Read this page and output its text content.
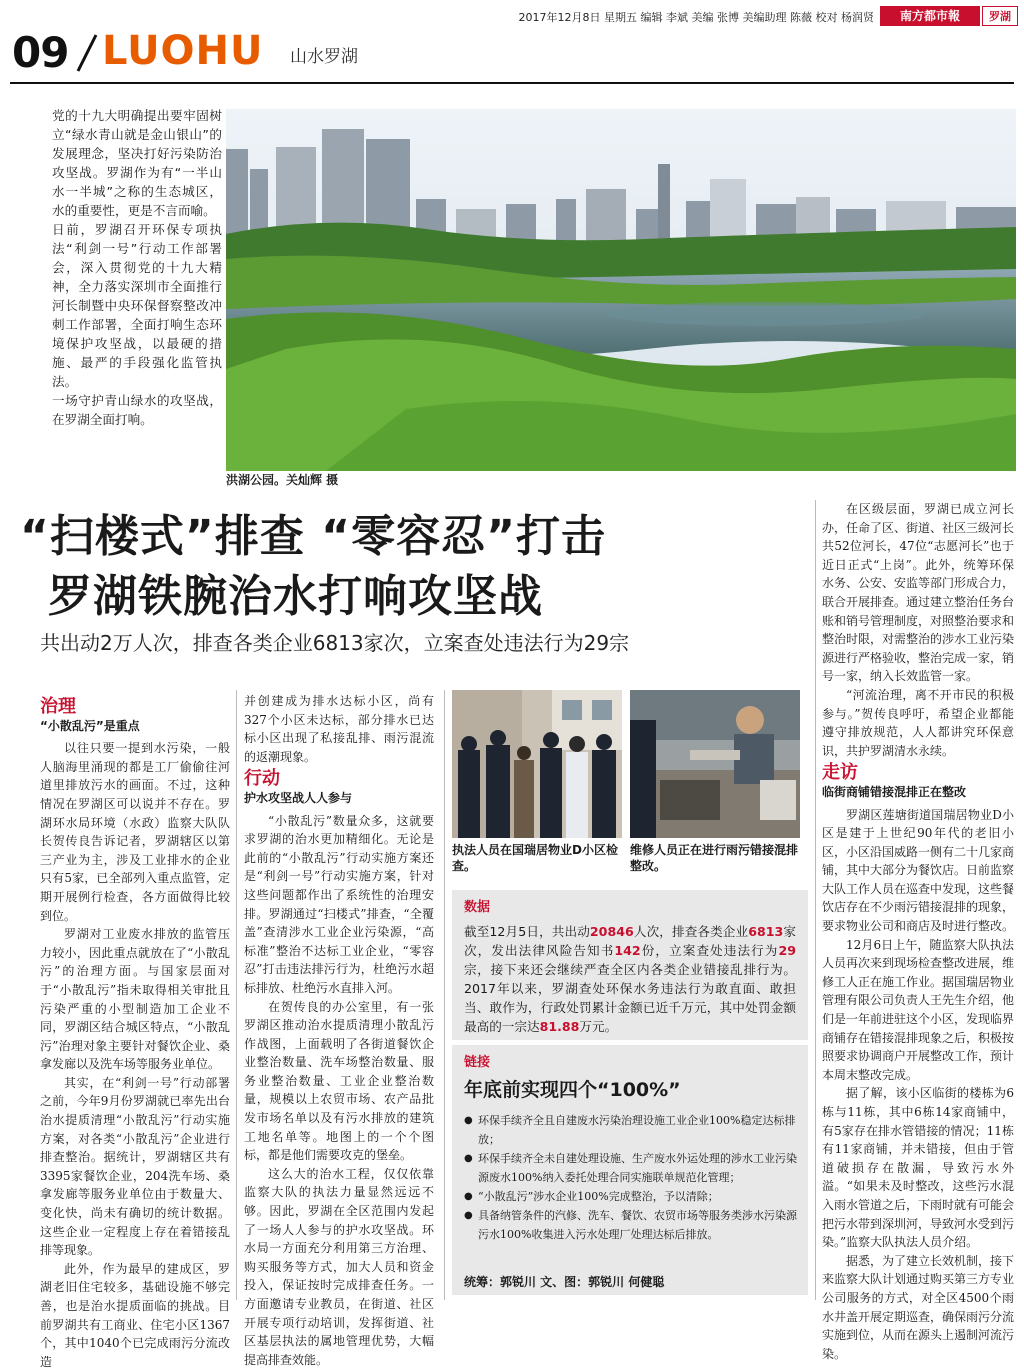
2017年12月8日 星期五 编辑 李斌 美编 张博 美编助理 陈薇 校对 杨润贤	南方都市報	罗湖
09 LUOHU 山水罗湖

党的十九大明确提出要牢固树立“绿水青山就是金山银山”的发展理念，坚决打好污染防治攻坚战。罗湖作为有“一半山水一半城”之称的生态城区，水的重要性，更是不言而喻。

日前，罗湖召开环保专项执法“利剑一号”行动工作部署会，深入贯彻党的十九大精神，全力落实深圳市全面推行河长制暨中央环保督察整改冲刺工作部署，全面打响生态环境保护攻坚战，以最硬的措施、最严的手段强化监管执法。

一场守护青山绿水的攻坚战，在罗湖全面打响。

洪湖公园。关灿辉 摄
“扫楼式”排查 “零容忍”打击
罗湖铁腕治水打响攻坚战
共出动2万人次，排查各类企业6813家次，立案查处违法行为29宗
治理
“小散乱污”是重点

以往只要一提到水污染，一般人脑海里涌现的都是工厂偷偷往河道里排放污水的画面。不过，这种情况在罗湖区可以说并不存在。罗湖环水局环境（水政）监察大队队长贺传良告诉记者，罗湖辖区以第三产业为主，涉及工业排水的企业只有5家，已全部列入重点监管，定期开展例行检查，各方面做得比较到位。

罗湖对工业废水排放的监管压力较小，因此重点就放在了“小散乱污”的治理方面。与国家层面对于“小散乱污”指未取得相关审批且污染严重的小型制造加工企业不同，罗湖区结合城区特点，“小散乱污”治理对象主要针对餐饮企业、桑拿发廊以及洗车场等服务业单位。

其实，在“利剑一号”行动部署之前，今年9月份罗湖就已率先出台治水提质清理“小散乱污”行动实施方案，对各类“小散乱污”企业进行排查整治。据统计，罗湖辖区共有3395家餐饮企业，204洗车场、桑拿发廊等服务业单位由于数量大、变化快，尚未有确切的统计数据。这些企业一定程度上存在着错接乱排等现象。

此外，作为最早的建成区，罗湖老旧住宅较多，基础设施不够完善，也是治水提质面临的挑战。目前罗湖共有工商业、住宅小区1367个，其中1040个已完成雨污分流改造

并创建成为排水达标小区，尚有327个小区未达标，部分排水已达标小区出现了私接乱排、雨污混流的返潮现象。
行动
护水攻坚战人人参与

“小散乱污”数量众多，这就要求罗湖的治水更加精细化。无论是此前的“小散乱污”行动实施方案还是“利剑一号”行动实施方案，针对这些问题都作出了系统性的治理安排。罗湖通过“扫楼式”排查，“全覆盖”查清涉水工业企业污染源，“高标准”整治不达标工业企业，“零容忍”打击违法排污行为，杜绝污水超标排放、杜绝污水直排入河。

在贺传良的办公室里，有一张罗湖区推动治水提质清理小散乱污作战图，上面载明了各街道餐饮企业整治数量、洗车场整治数量、服务业整治数量、工业企业整治数量，规模以上农贸市场、农产品批发市场名单以及有污水排放的建筑工地名单等。地图上的一个个图标，都是他们需要攻克的堡垒。

这么大的治水工程，仅仅依靠监察大队的执法力量显然远远不够。因此，罗湖在全区范围内发起了一场人人参与的护水攻坚战。环水局一方面充分利用第三方治理、购买服务等方式，加大人员和资金投入，保证按时完成排查任务。一方面邀请专业教员，在街道、社区开展专项行动培训，发挥街道、社区基层执法的属地管理优势，大幅提高排查效能。

执法人员在国瑞居物业D小区检查。
维修人员正在进行雨污错接混排整改。
数据
截至12月5日，共出动20846人次，排查各类企业6813家次，发出法律风险告知书142份，立案查处违法行为29宗，接下来还会继续严查全区内各类企业错接乱排行为。2017年以来，罗湖查处环保水务违法行为敢直面、敢担当、敢作为，行政处罚累计金额已近千万元，其中处罚金额最高的一宗达81.88万元。
链接
年底前实现四个“100%”
● 环保手续齐全且自建废水污染治理设施工业企业100%稳定达标排放；
● 环保手续齐全未自建处理设施、生产废水外运处理的涉水工业污染源废水100%纳入委托处理合同实施联单规范化管理；
● “小散乱污”涉水企业100%完成整治，予以清除；
● 具备纳管条件的汽修、洗车、餐饮、农贸市场等服务类涉水污染源污水100%收集进入污水处理厂处理达标后排放。
统筹：郭锐川 文、图：郭锐川 何健聪

在区级层面，罗湖已成立河长办，任命了区、街道、社区三级河长共52位河长，47位“志愿河长”也于近日正式“上岗”。此外，统筹环保水务、公安、安监等部门形成合力，联合开展排查。通过建立整治任务台账和销号管理制度，对照整治要求和整治时限，对需整治的涉水工业污染源进行严格验收，整治完成一家，销号一家，纳入长效监管一家。

“河流治理，离不开市民的积极参与。”贺传良呼吁，希望企业都能遵守排放规范，人人都讲究环保意识，共护罗湖清水永续。

走访
临街商铺错接混排正在整改

罗湖区莲塘街道国瑞居物业D小区是建于上世纪90年代的老旧小区，小区沿国威路一侧有二十几家商铺，其中大部分为餐饮店。日前监察大队工作人员在巡查中发现，这些餐饮店存在不少雨污错接混排的现象，要求物业公司和商店及时进行整改。

12月6日上午，随监察大队执法人员再次来到现场检查整改进展，维修工人正在施工作业。据国瑞居物业管理有限公司负责人王先生介绍，他们是一年前进驻这个小区，发现临界商铺存在错接混排现象之后，积极按照要求协调商户开展整改工作，预计本周末整改完成。

据了解，该小区临街的楼栋为6栋与11栋，其中6栋14家商铺中，有5家存在排水管错接的情况；11栋有11家商铺，并未错接，但由于管道破损存在散漏，导致污水外溢。“如果未及时整改，这些污水混入雨水管道之后，下雨时就有可能会把污水带到深圳河，导致河水受到污染。”监察大队执法人员介绍。

据悉，为了建立长效机制，接下来监察大队计划通过购买第三方专业公司服务的方式，对全区4500个雨水井盖开展定期巡查，确保雨污分流实施到位，从而在源头上遏制河流污染。
